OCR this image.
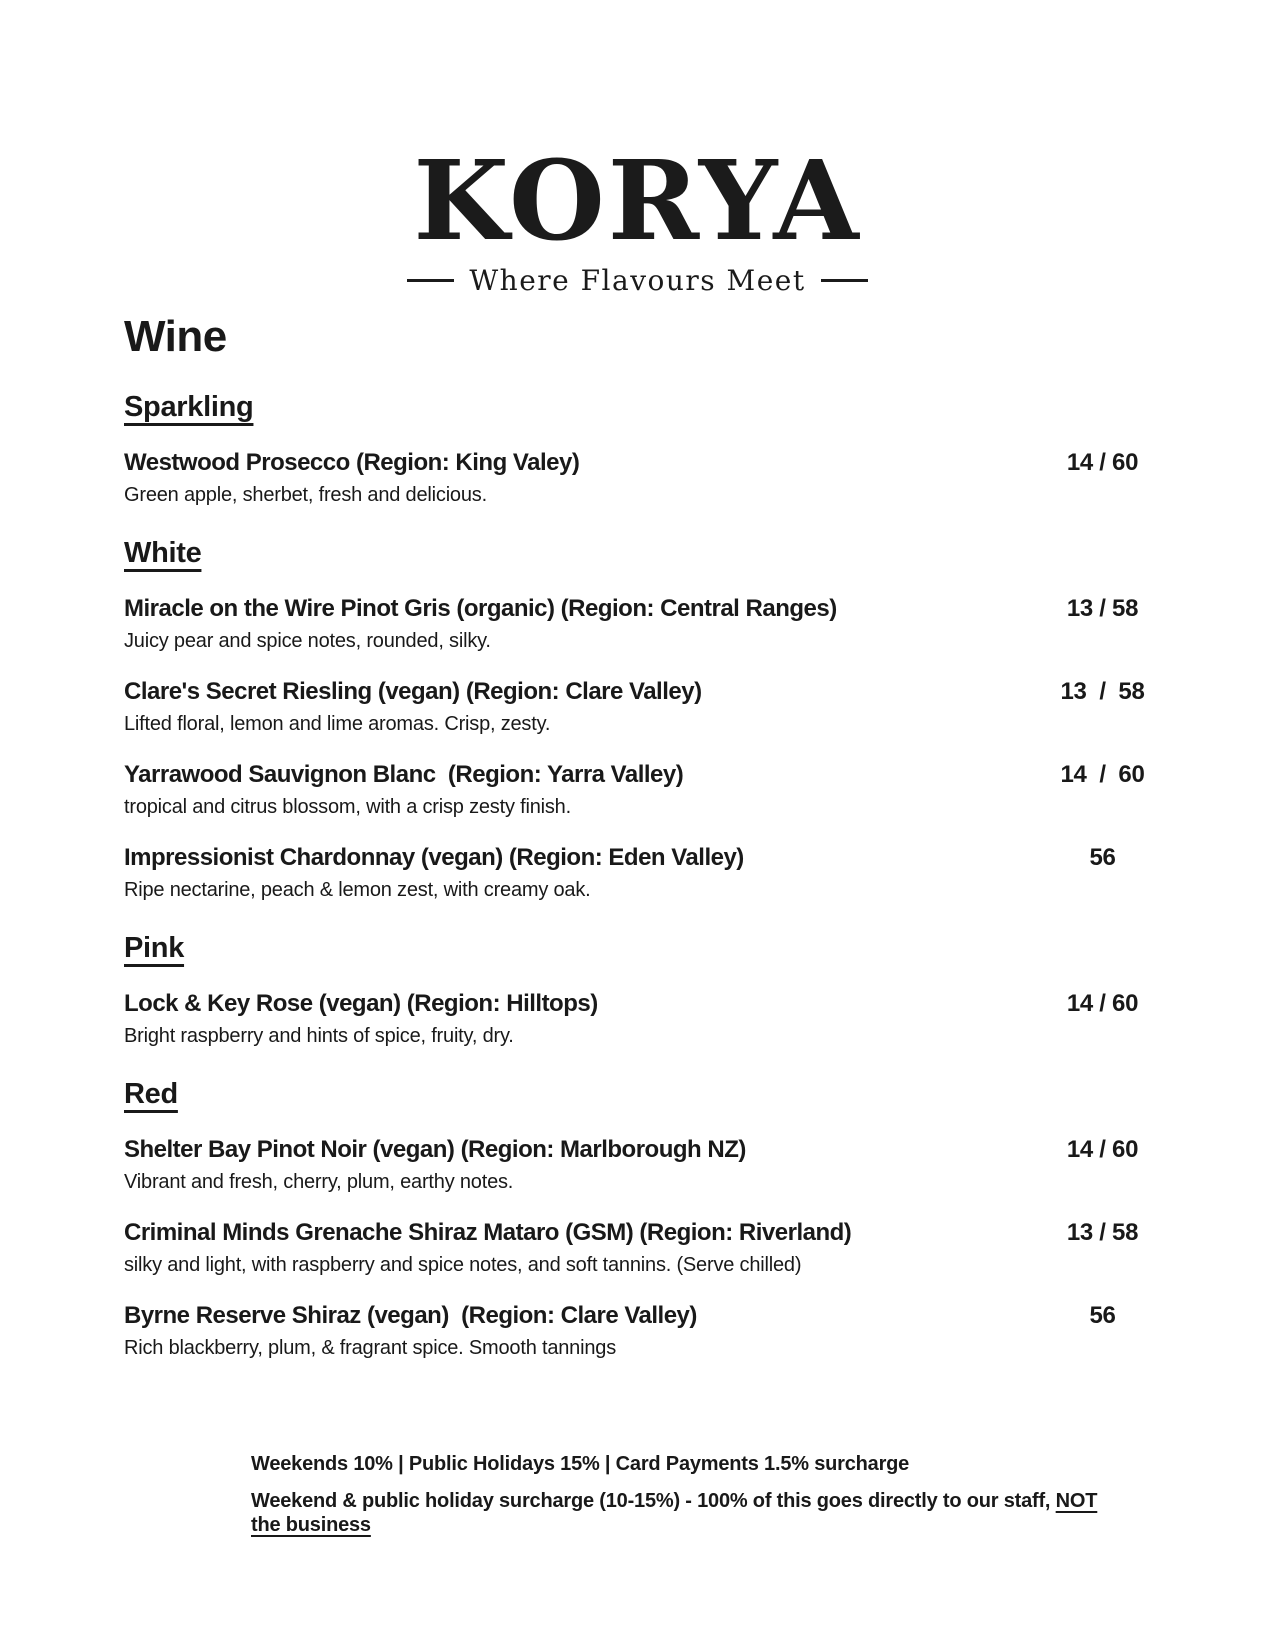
KORYA
Where Flavours Meet
Wine
Sparkling
Westwood Prosecco (Region: King Valey)	14 / 60
Green apple, sherbet, fresh and delicious.
White
Miracle on the Wire Pinot Gris (organic) (Region: Central Ranges)	13 / 58
Juicy pear and spice notes, rounded, silky.
Clare's Secret Riesling (vegan) (Region: Clare Valley)	13  /  58
Lifted floral, lemon and lime aromas. Crisp, zesty.
Yarrawood Sauvignon Blanc  (Region: Yarra Valley)	14  /  60
tropical and citrus blossom, with a crisp zesty finish.
Impressionist Chardonnay (vegan) (Region: Eden Valley)	56
Ripe nectarine, peach & lemon zest, with creamy oak.
Pink
Lock & Key Rose (vegan) (Region: Hilltops)	14 / 60
Bright raspberry and hints of spice, fruity, dry.
Red
Shelter Bay Pinot Noir (vegan) (Region: Marlborough NZ)	14 / 60
Vibrant and fresh, cherry, plum, earthy notes.
Criminal Minds Grenache Shiraz Mataro (GSM) (Region: Riverland)	13 / 58
silky and light, with raspberry and spice notes, and soft tannins. (Serve chilled)
Byrne Reserve Shiraz (vegan)  (Region: Clare Valley)	56
Rich blackberry, plum, & fragrant spice. Smooth tannings
Weekends 10% | Public Holidays 15% | Card Payments 1.5% surcharge
Weekend & public holiday surcharge (10-15%) - 100% of this goes directly to our staff, NOT the business
